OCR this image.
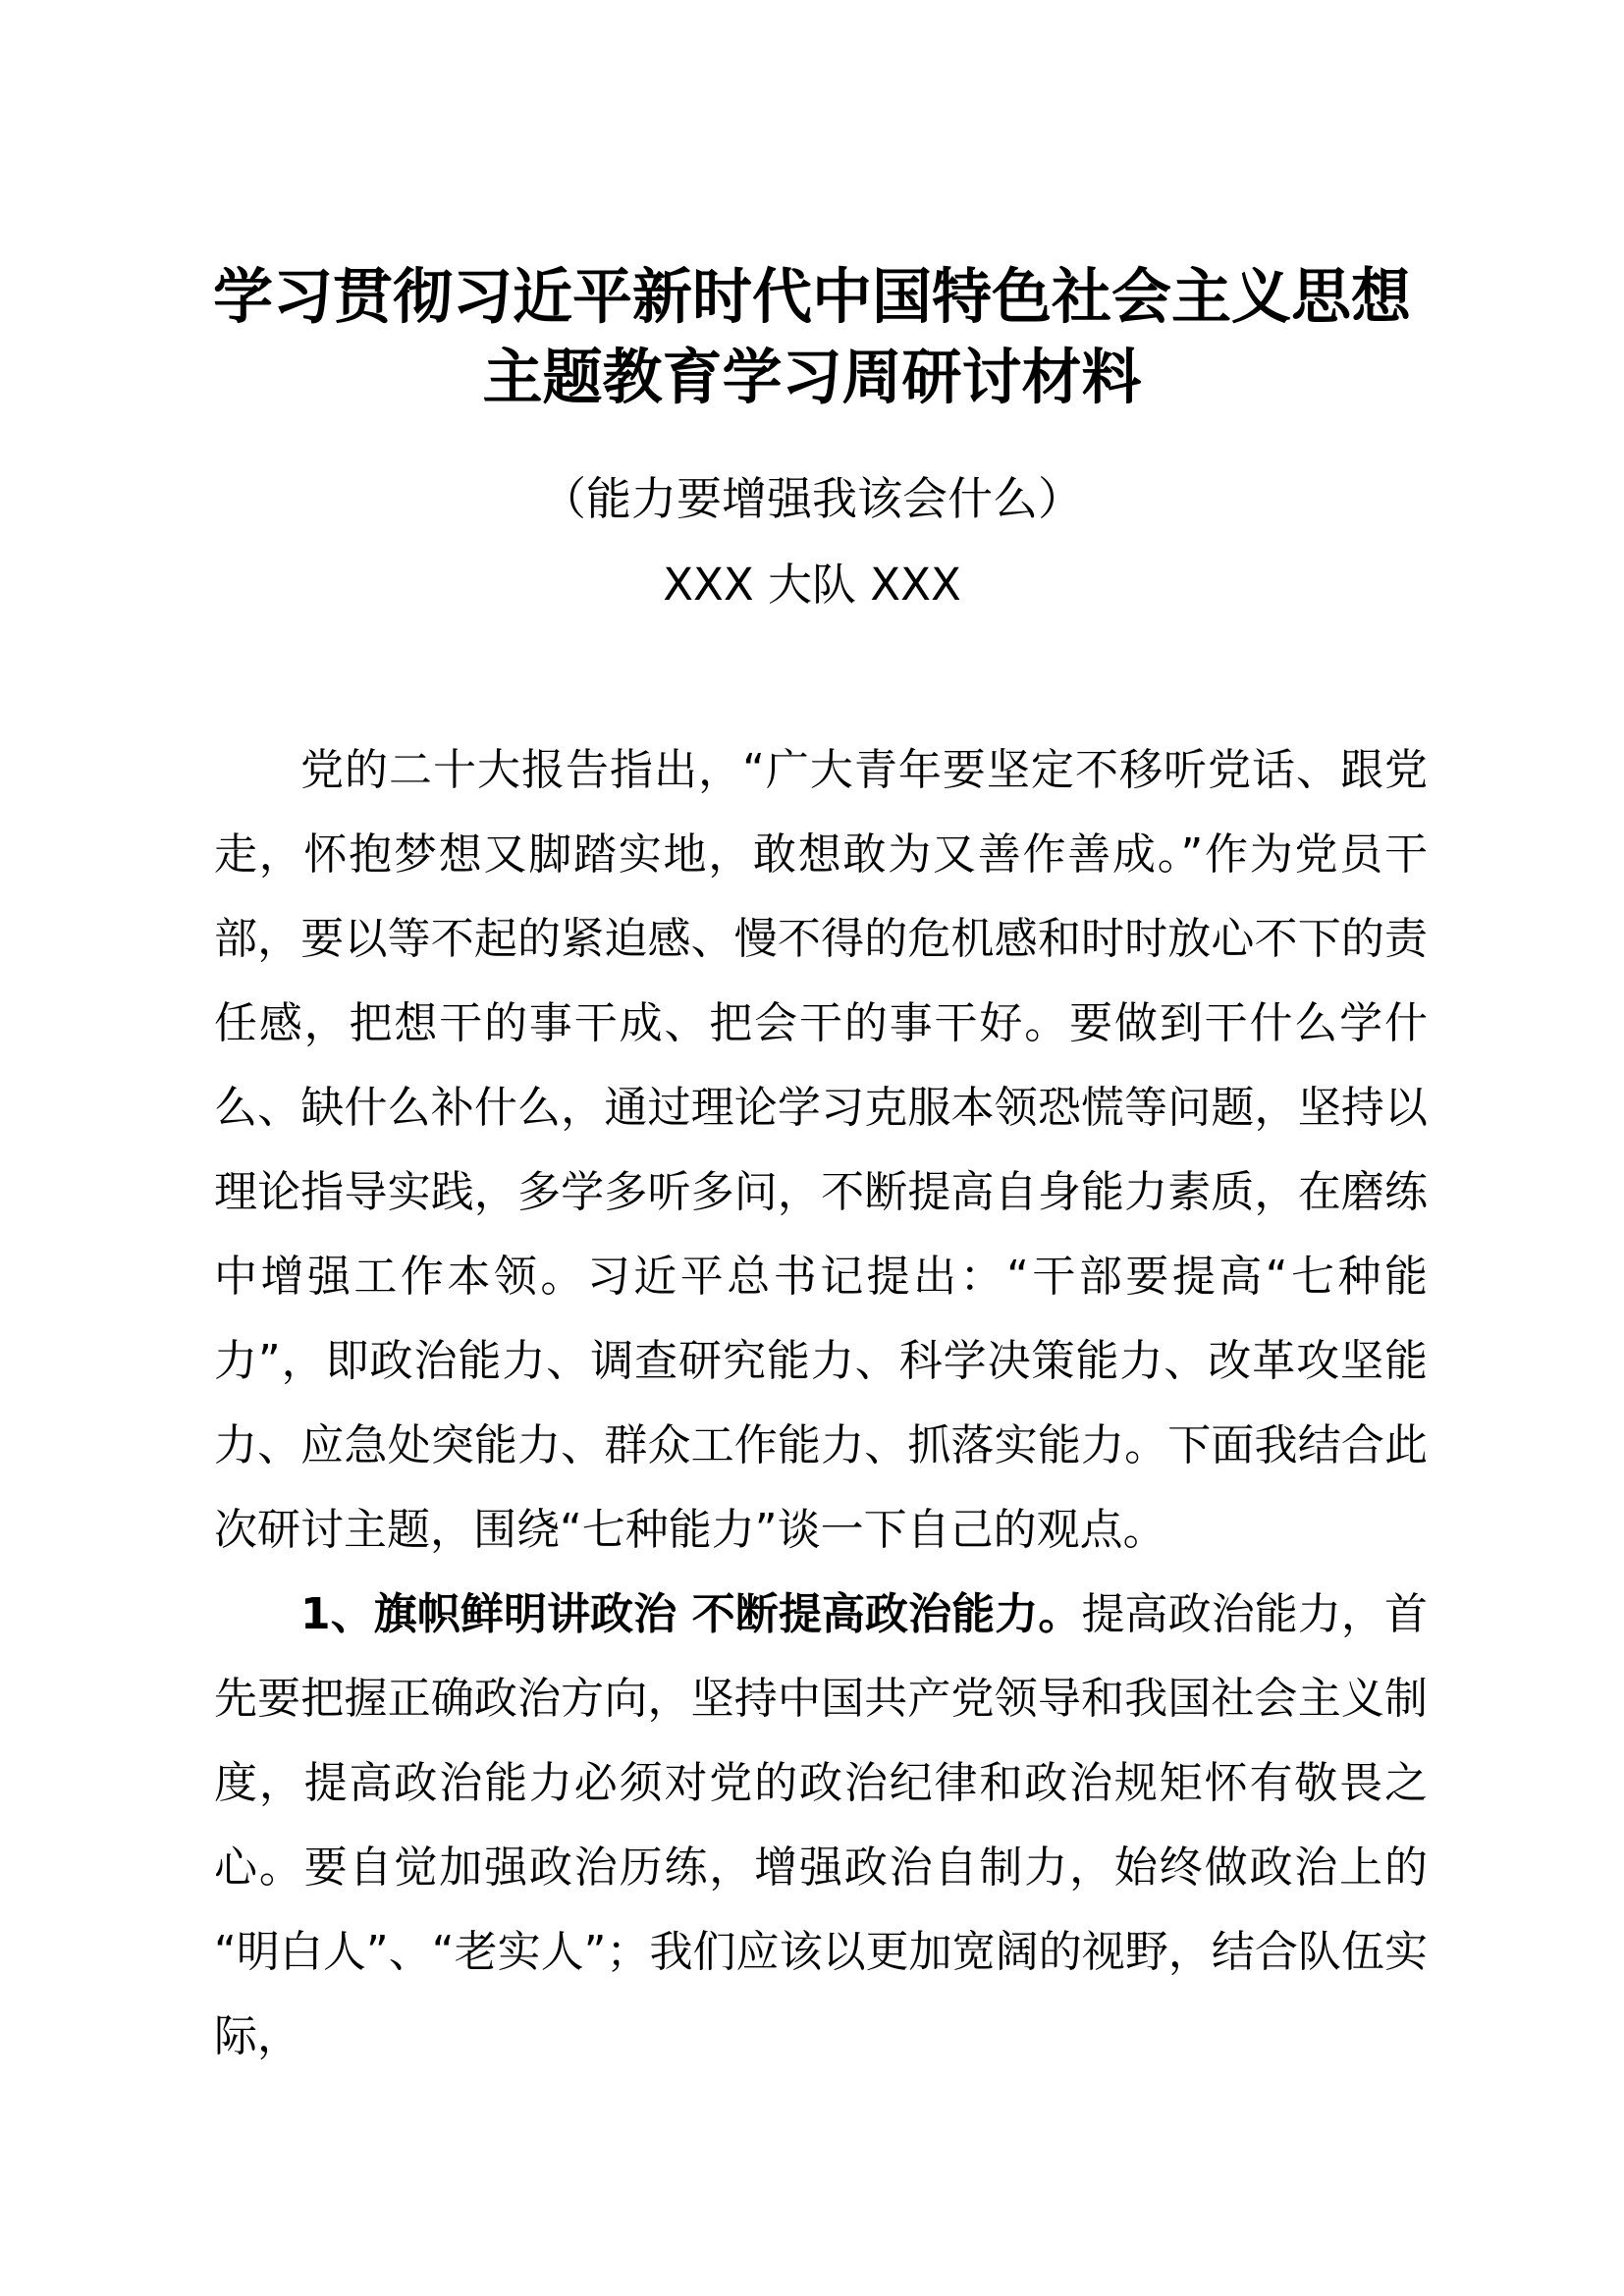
学习贯彻习近平新时代中国特色社会主义思想
主题教育学习周研讨材料
（能力要增强我该会什么）
XXX 大队 XXX

党的二十大报告指出，“广大青年要坚定不移听党话、跟党走，怀抱梦想又脚踏实地，敢想敢为又善作善成。”作为党员干部，要以等不起的紧迫感、慢不得的危机感和时时放心不下的责任感，把想干的事干成、把会干的事干好。要做到干什么学什么、缺什么补什么，通过理论学习克服本领恐慌等问题，坚持以理论指导实践，多学多听多问，不断提高自身能力素质，在磨练中增强工作本领。习近平总书记提出：“干部要提高“七种能力”，即政治能力、调查研究能力、科学决策能力、改革攻坚能力、应急处突能力、群众工作能力、抓落实能力。下面我结合此次研讨主题，围绕“七种能力”谈一下自己的观点。

1、旗帜鲜明讲政治 不断提高政治能力。提高政治能力，首先要把握正确政治方向，坚持中国共产党领导和我国社会主义制度，提高政治能力必须对党的政治纪律和政治规矩怀有敬畏之心。要自觉加强政治历练，增强政治自制力，始终做政治上的“明白人”、“老实人”；我们应该以更加宽阔的视野，结合队伍实际，
